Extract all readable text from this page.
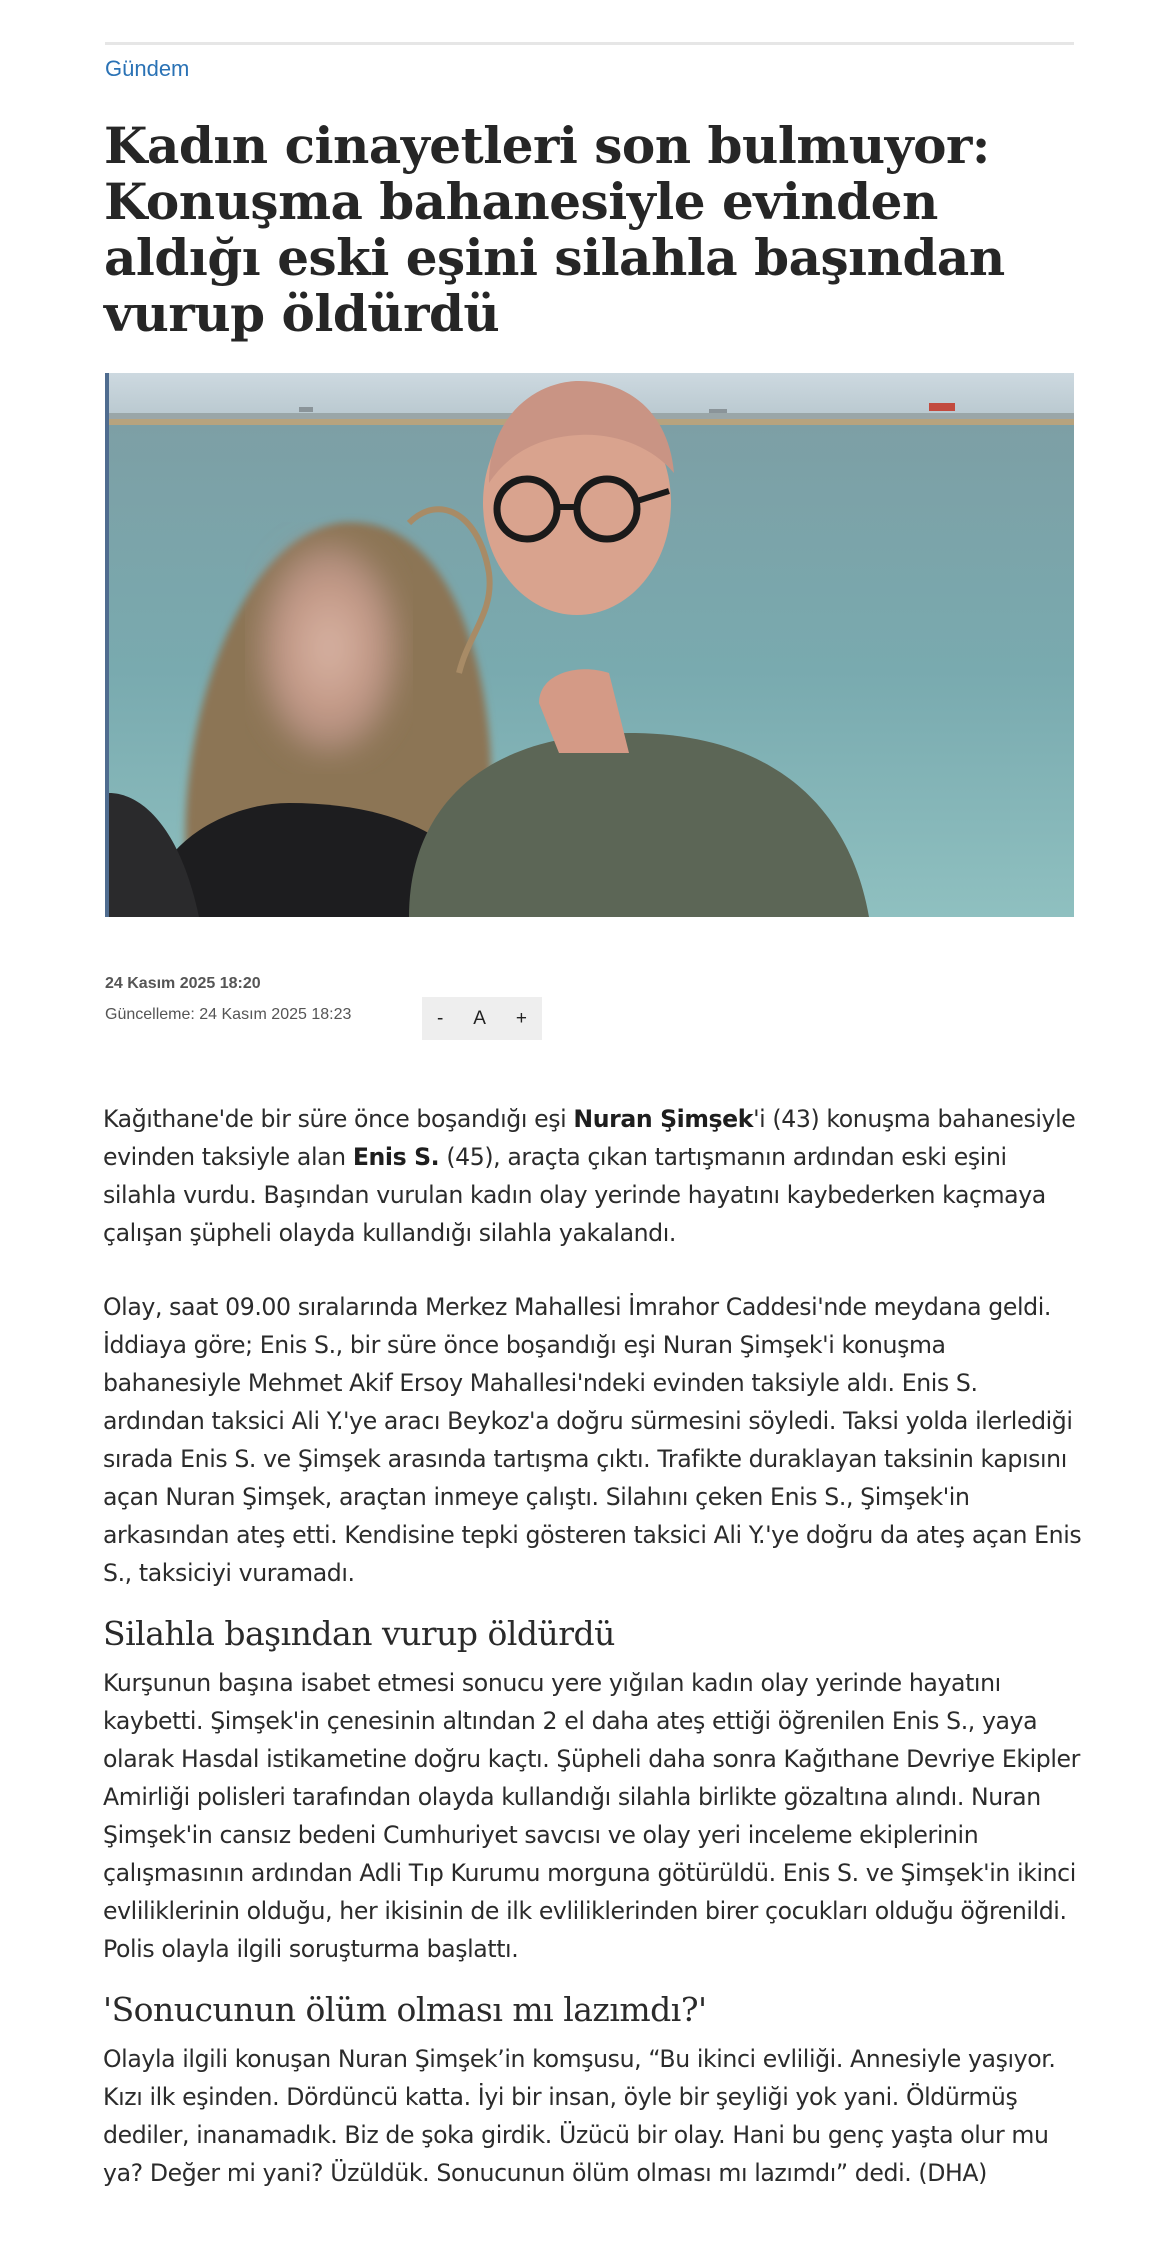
Gündem
Kadın cinayetleri son bulmuyor: Konuşma bahanesiyle evinden aldığı eski eşini silahla başından vurup öldürdü
24 Kasım 2025 18:20
Güncelleme: 24 Kasım 2025 18:23	-	A	+

Kağıthane'de bir süre önce boşandığı eşi Nuran Şimşek'i (43) konuşma bahanesiyle evinden taksiyle alan Enis S. (45), araçta çıkan tartışmanın ardından eski eşini silahla vurdu. Başından vurulan kadın olay yerinde hayatını kaybederken kaçmaya çalışan şüpheli olayda kullandığı silahla yakalandı.

Olay, saat 09.00 sıralarında Merkez Mahallesi İmrahor Caddesi'nde meydana geldi. İddiaya göre; Enis S., bir süre önce boşandığı eşi Nuran Şimşek'i konuşma bahanesiyle Mehmet Akif Ersoy Mahallesi'ndeki evinden taksiyle aldı. Enis S. ardından taksici Ali Y.'ye aracı Beykoz'a doğru sürmesini söyledi. Taksi yolda ilerlediği sırada Enis S. ve Şimşek arasında tartışma çıktı. Trafikte duraklayan taksinin kapısını açan Nuran Şimşek, araçtan inmeye çalıştı. Silahını çeken Enis S., Şimşek'in arkasından ateş etti. Kendisine tepki gösteren taksici Ali Y.'ye doğru da ateş açan Enis S., taksiciyi vuramadı.

Silahla başından vurup öldürdü

Kurşunun başına isabet etmesi sonucu yere yığılan kadın olay yerinde hayatını kaybetti. Şimşek'in çenesinin altından 2 el daha ateş ettiği öğrenilen Enis S., yaya olarak Hasdal istikametine doğru kaçtı. Şüpheli daha sonra Kağıthane Devriye Ekipler Amirliği polisleri tarafından olayda kullandığı silahla birlikte gözaltına alındı. Nuran Şimşek'in cansız bedeni Cumhuriyet savcısı ve olay yeri inceleme ekiplerinin çalışmasının ardından Adli Tıp Kurumu morguna götürüldü. Enis S. ve Şimşek'in ikinci evliliklerinin olduğu, her ikisinin de ilk evliliklerinden birer çocukları olduğu öğrenildi. Polis olayla ilgili soruşturma başlattı.

'Sonucunun ölüm olması mı lazımdı?'

Olayla ilgili konuşan Nuran Şimşek’in komşusu, “Bu ikinci evliliği. Annesiyle yaşıyor. Kızı ilk eşinden. Dördüncü katta. İyi bir insan, öyle bir şeyliği yok yani. Öldürmüş dediler, inanamadık. Biz de şoka girdik. Üzücü bir olay. Hani bu genç yaşta olur mu ya? Değer mi yani? Üzüldük. Sonucunun ölüm olması mı lazımdı” dedi. (DHA)
